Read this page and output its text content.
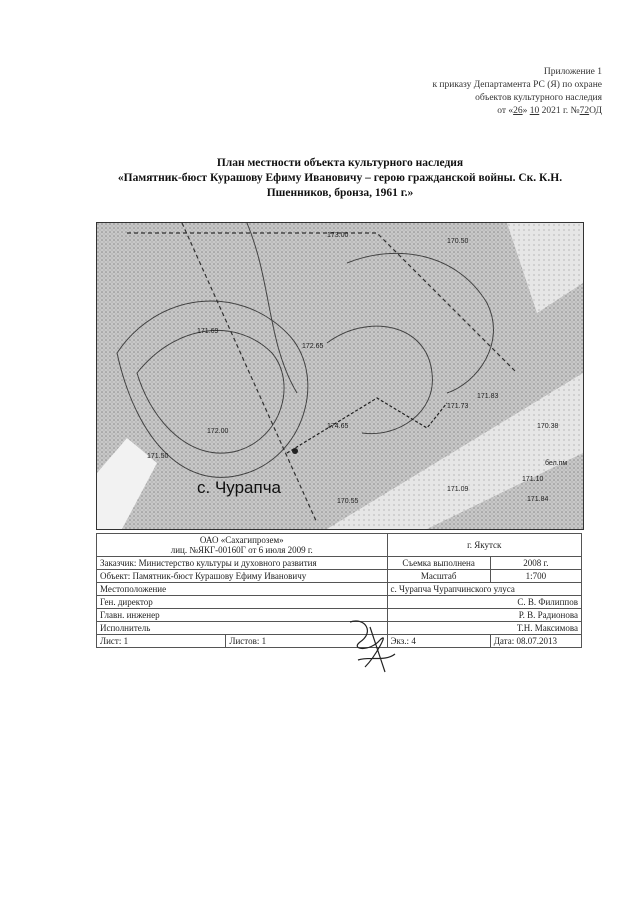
Приложение 1
к приказу Департамента РС (Я) по охране
объектов культурного наследия
от «26» 10 2021 г. №72ОД
План местности объекта культурного наследия
«Памятник-бюст Курашову Ефиму Ивановичу – герою гражданской войны. Ск. К.Н.
Пшенников, бронза, 1961 г.»
с. Чурапча
бел.пм
173.00
170.50
171.69
172.65
172.00
171.83
174.65
171.50
171.73
170.38
171.10
171.09
170.55	171.84
ОАО «Сахагипрозем»
лиц. №ЯКГ-00160Г от 6 июля 2009 г.		г. Якутск	
Заказчик: Министерство культуры и духовного развития		Съемка выполнена	2008 г.
Объект: Памятник-бюст Курашову Ефиму Ивановичу		Масштаб	1:700
Местоположение		с. Чурапча Чурапчинского улуса	
Ген. директор		С. В. Филиппов	
Главн. инженер		Р. В. Радионова	
Исполнитель		Т.Н. Максимова	
Лист: 1	Листов: 1	Экз.: 4	Дата: 08.07.2013
